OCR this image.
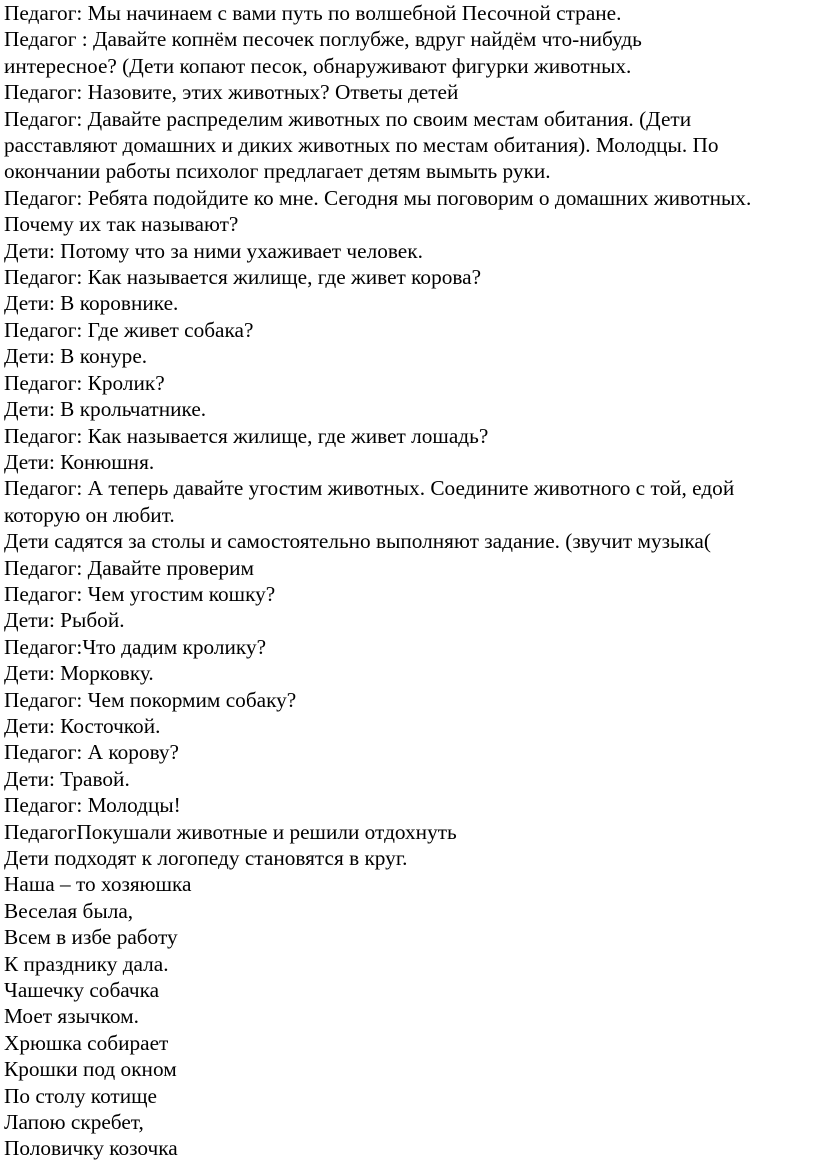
Педагог: Мы начинаем с вами путь по волшебной Песочной стране.

Педагог : Давайте копнём песочек поглубже, вдруг найдём что-нибудь

интересное? (Дети копают песок, обнаруживают фигурки животных.

Педагог: Назовите, этих животных? Ответы детей

Педагог: Давайте распределим животных по своим местам обитания. (Дети

расставляют домашних и диких животных по местам обитания). Молодцы. По

окончании работы психолог предлагает детям вымыть руки.

Педагог: Ребята подойдите ко мне. Сегодня мы поговорим о домашних животных.

Почему их так называют?

Дети: Потому что за ними ухаживает человек.

Педагог: Как называется жилище, где живет корова?

Дети: В коровнике.

Педагог: Где живет собака?

Дети: В конуре.

Педагог: Кролик?

Дети: В крольчатнике.

Педагог: Как называется жилище, где живет лошадь?

Дети: Конюшня.

Педагог: А теперь давайте угостим животных. Соедините животного с той, едой

которую он любит.

Дети садятся за столы и самостоятельно выполняют задание. (звучит музыка(

Педагог: Давайте проверим

Педагог: Чем угостим кошку?

Дети: Рыбой.

Педагог:Что дадим кролику?

Дети: Морковку.

Педагог: Чем покормим собаку?

Дети: Косточкой.

Педагог: А корову?

Дети: Травой.

Педагог: Молодцы!

ПедагогПокушали животные и решили отдохнуть

Дети подходят к логопеду становятся в круг.

Наша – то хозяюшка

Веселая была,

Всем в избе работу

К празднику дала.

Чашечку собачка

Моет язычком.

Хрюшка собирает

Крошки под окном

По столу котище

Лапою скребет,

Половичку козочка
